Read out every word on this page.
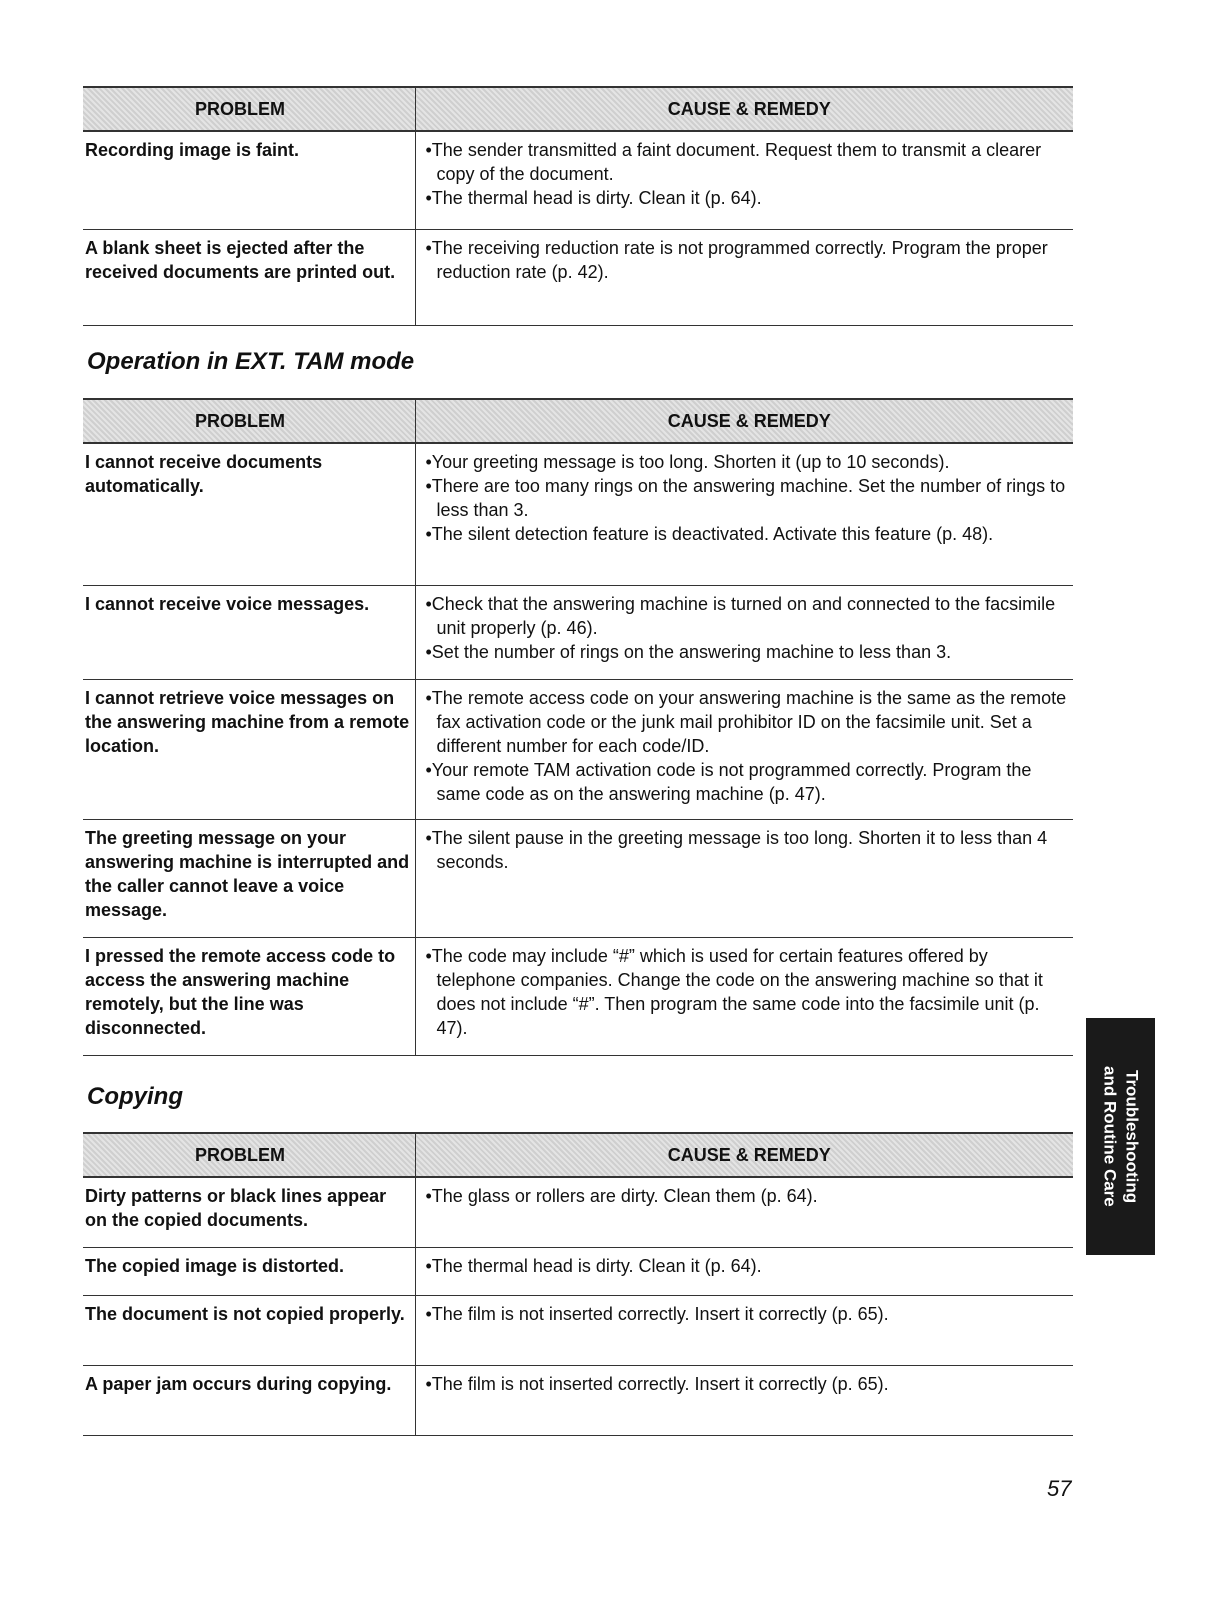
PROBLEM	CAUSE & REMEDY
Recording image is faint.	•The sender transmitted a faint document. Request them to transmit a clearer copy of the document.
•The thermal head is dirty. Clean it (p. 64).

A blank sheet is ejected after the received documents are printed out.	•The receiving reduction rate is not programmed correctly. Program the proper reduction rate (p. 42).
Operation in EXT. TAM mode
PROBLEM	CAUSE & REMEDY
I cannot receive documents automatically.	•Your greeting message is too long. Shorten it (up to 10 seconds).
•There are too many rings on the answering machine. Set the number of rings to less than 3.
•The silent detection feature is deactivated. Activate this feature (p. 48).

I cannot receive voice messages.	•Check that the answering machine is turned on and connected to the facsimile unit properly (p. 46).
•Set the number of rings on the answering machine to less than 3.

I cannot retrieve voice messages on the answering machine from a remote location.	•The remote access code on your answering machine is the same as the remote fax activation code or the junk mail prohibitor ID on the facsimile unit. Set a different number for each code/ID.
•Your remote TAM activation code is not programmed correctly. Program the same code as on the answering machine (p. 47).

The greeting message on your answering machine is interrupted and the caller cannot leave a voice message.	•The silent pause in the greeting message is too long. Shorten it to less than 4 seconds.

I pressed the remote access code to access the answering machine remotely, but the line was disconnected.	•The code may include “#” which is used for certain features offered by telephone companies. Change the code on the answering machine so that it does not include “#”. Then program the same code into the facsimile unit (p. 47).
Copying
PROBLEM	CAUSE & REMEDY
Dirty patterns or black lines appear on the copied documents.	•The glass or rollers are dirty. Clean them (p. 64).

The copied image is distorted.	•The thermal head is dirty. Clean it (p. 64).

The document is not copied properly.	•The film is not inserted correctly. Insert it correctly (p. 65).

A paper jam occurs during copying.	•The film is not inserted correctly. Insert it correctly (p. 65).
Troubleshooting
and Routine Care
57
